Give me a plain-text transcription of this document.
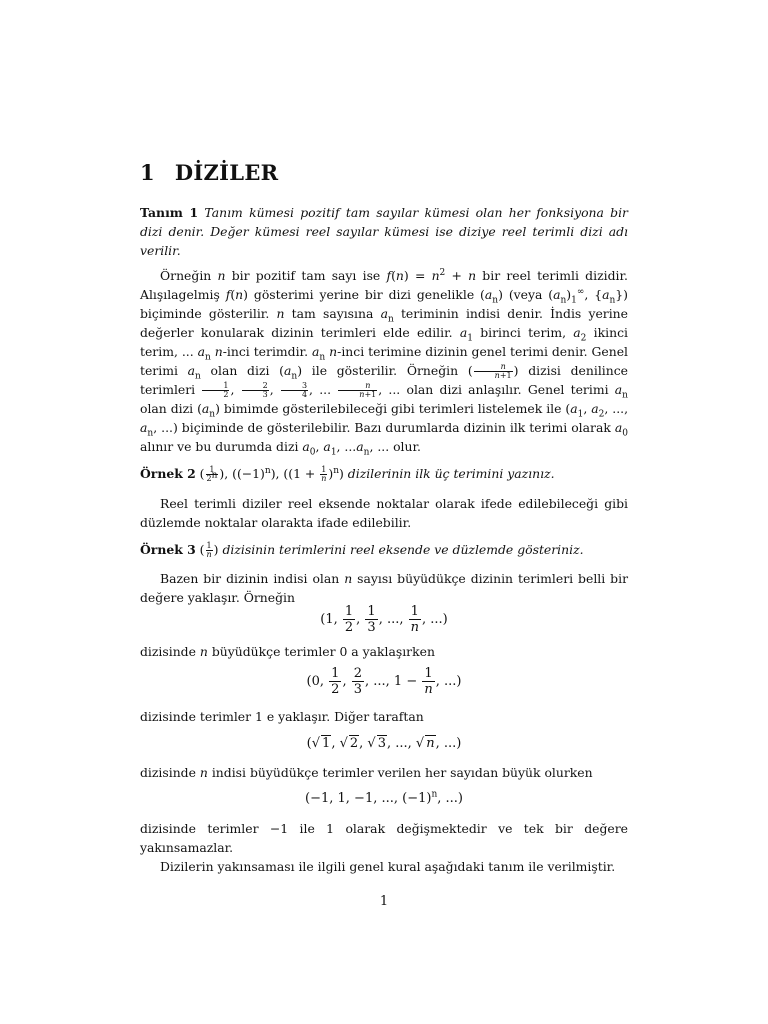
1 DİZİLER
Tanım 1 Tanım kümesi pozitif tam sayılar kümesi olan her fonksiyona bir dizi denir. Değer kümesi reel sayılar kümesi ise diziye reel terimli dizi adı verilir.
Örneğin n bir pozitif tam sayı ise $f(n) = n^2 + n$ bir reel terimli dizidir. Alışılagelmiş f(n) gösterimi yerine bir dizi genelikle $(a_n)$ (veya $(a_n)_1^\infty$, $\{a_n\}$) biçiminde gösterilir. n tam sayısına $a_n$ teriminin indisi denir. İndis yerine değerler konularak dizinin terimleri elde edilir. $a_1$ birinci terim, $a_2$ ikinci terim, ... $a_n$ n-inci terimdir. $a_n$ n-inci terimine dizinin genel terimi denir. Genel terimi $a_n$ olan dizi $(a_n)$ ile gösterilir. Örneğin ( $\frac{n}{n+1}$ ) dizisi denilince terimleri $\frac{1}{2}$ , $\frac{2}{3}$ , $\frac{3}{4}$ , ... $\frac{n}{n+1}$ , ... olan dizi anlaşılır. Genel terimi $a_n$ olan dizi $(a_n)$ bimimde gösterilebileceği gibi terimleri listelemek ile ($a_1$, $a_2$, ..., $a_n$, ...) biçiminde de gösterilebilir. Bazı durumlarda dizinin ilk terimi olarak $a_0$ alınır ve bu durumda dizi $a_0$, $a_1$, $...a_n$, ... olur.
Örnek 2 ( $\frac{1}{2^n}$ ), $((-1)^n)$, $((1 + \frac{1}{n} )^n)$ dizilerinin ilk üç terimini yazınız.
Reel terimli diziler reel eksende noktalar olarak ifede edilebileceği gibi düzlemde noktalar olarakta ifade edilebilir.
Örnek 3 ( $\frac{1}{n}$ ) dizisinin terimlerini reel eksende ve düzlemde gösteriniz.
Bazen bir dizinin indisi olan n sayısı büyüdükçe dizinin terimleri belli bir değere yaklaşır. Örneğin
(1, $\frac{1}{2}$ , $\frac{1}{3}$ , ..., $\frac{1}{n}$ , ...)
dizisinde n büyüdükçe terimler 0 a yaklaşırken
(0, $\frac{1}{2}$ , $\frac{2}{3}$ , ..., $1 - \frac{1}{n}$ , ...)
dizisinde terimler 1 e yaklaşır. Diğer taraftan
(√ 1, √ 2, √ 3, ..., √ n, ...)
dizisinde n indisi büyüdükçe terimler verilen her sayıdan büyük olurken
(−1, 1, −1, ..., $(-1)^n$, ...)
dizisinde terimler −1 ile 1 olarak değişmektedir ve tek bir değere yakınsamazlar.
Dizilerin yakınsaması ile ilgili genel kural aşağıdaki tanım ile verilmiştir.
1
